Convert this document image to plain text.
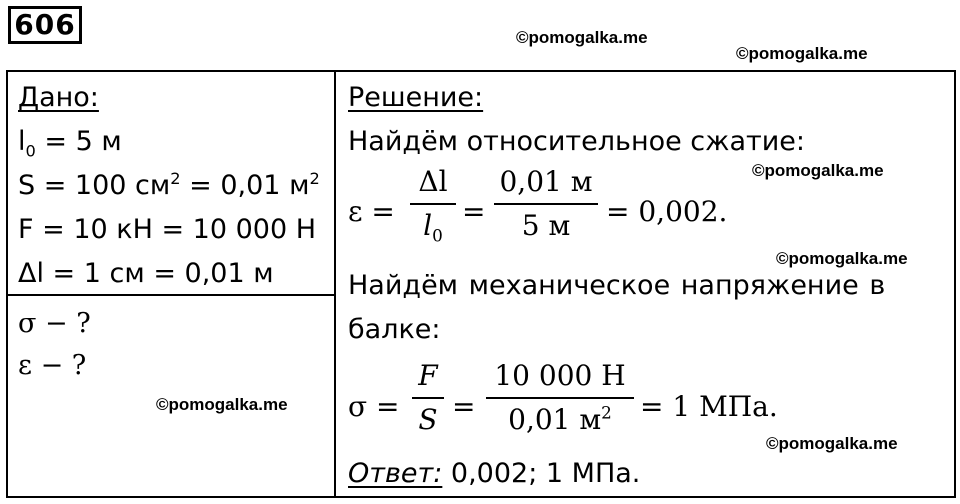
606	©pomogalka.me
©pomogalka.me
©pomogalka.me
©pomogalka.me
©pomogalka.me
©pomogalka.me
Дано:
$l_0 = 5$ м
S = 100 $см^2 = 0,01$ $м^2$
F = 10 кН = 10 000 Н
Δl = 1 см = 0,01 м
σ − ?
ε − ?
Решение:
Найдём относительное сжатие:
ε =
Δl
$l_0$
=
0,01 м
5 м = 0,002.
Найдём механическое напряжение в
балке:
σ =
F
S =
10 000 Н
0,01 $м^2 = 1$ МПа.
Ответ: 0,002; 1 МПа.
